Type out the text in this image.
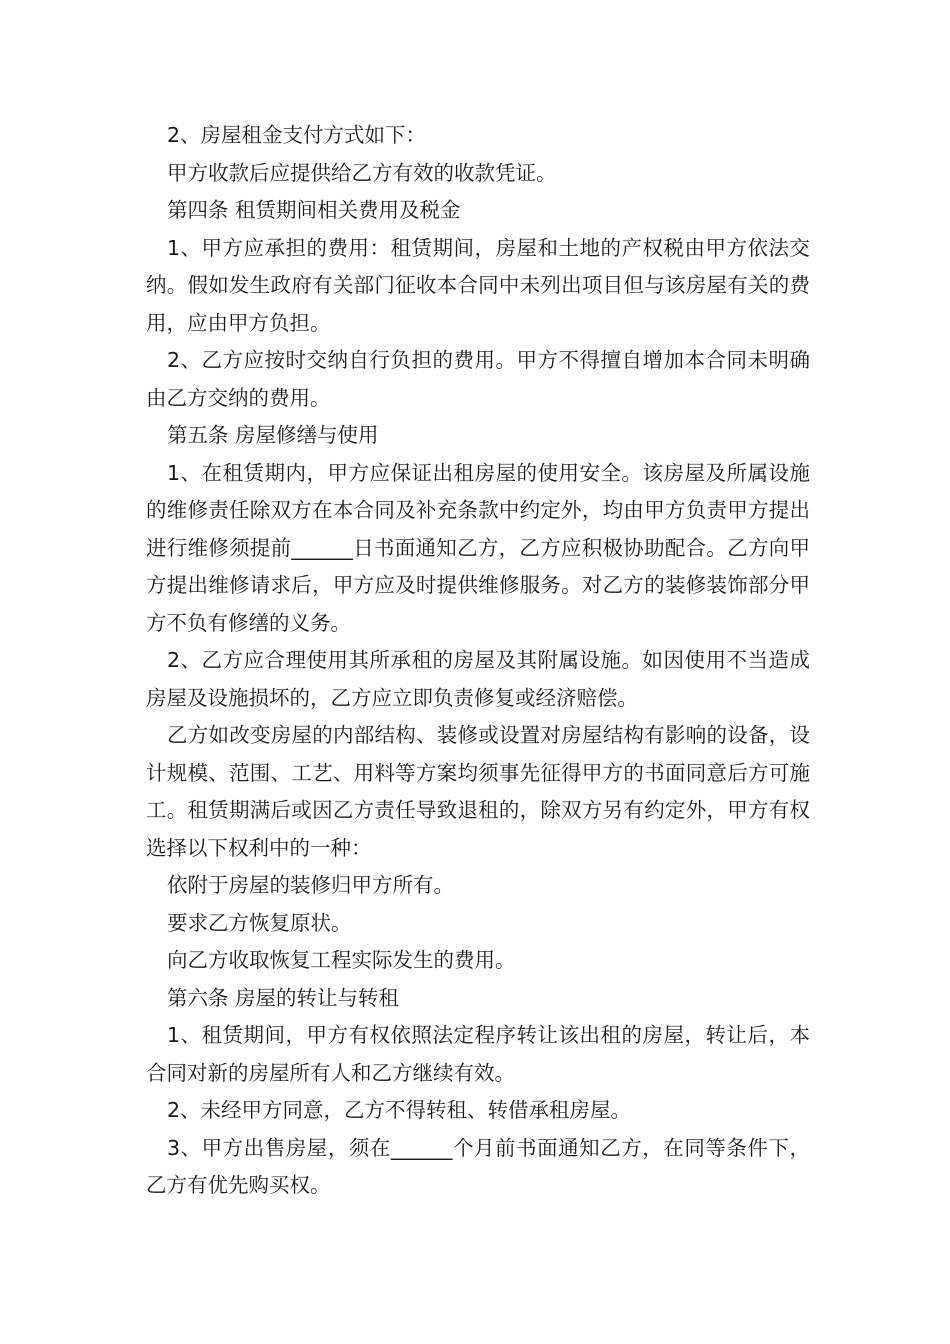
2、房屋租金支付方式如下：

甲方收款后应提供给乙方有效的收款凭证。

第四条 租赁期间相关费用及税金

1、甲方应承担的费用：租赁期间，房屋和土地的产权税由甲方依法交纳。假如发生政府有关部门征收本合同中未列出项目但与该房屋有关的费用，应由甲方负担。

2、乙方应按时交纳自行负担的费用。甲方不得擅自增加本合同未明确由乙方交纳的费用。

第五条 房屋修缮与使用

1、在租赁期内，甲方应保证出租房屋的使用安全。该房屋及所属设施的维修责任除双方在本合同及补充条款中约定外，均由甲方负责甲方提出进行维修须提前______日书面通知乙方，乙方应积极协助配合。乙方向甲方提出维修请求后，甲方应及时提供维修服务。对乙方的装修装饰部分甲方不负有修缮的义务。

2、乙方应合理使用其所承租的房屋及其附属设施。如因使用不当造成房屋及设施损坏的，乙方应立即负责修复或经济赔偿。

乙方如改变房屋的内部结构、装修或设置对房屋结构有影响的设备，设计规模、范围、工艺、用料等方案均须事先征得甲方的书面同意后方可施工。租赁期满后或因乙方责任导致退租的，除双方另有约定外，甲方有权选择以下权利中的一种：

依附于房屋的装修归甲方所有。

要求乙方恢复原状。

向乙方收取恢复工程实际发生的费用。

第六条 房屋的转让与转租

1、租赁期间，甲方有权依照法定程序转让该出租的房屋，转让后，本合同对新的房屋所有人和乙方继续有效。

2、未经甲方同意，乙方不得转租、转借承租房屋。

3、甲方出售房屋，须在______个月前书面通知乙方，在同等条件下，乙方有优先购买权。
